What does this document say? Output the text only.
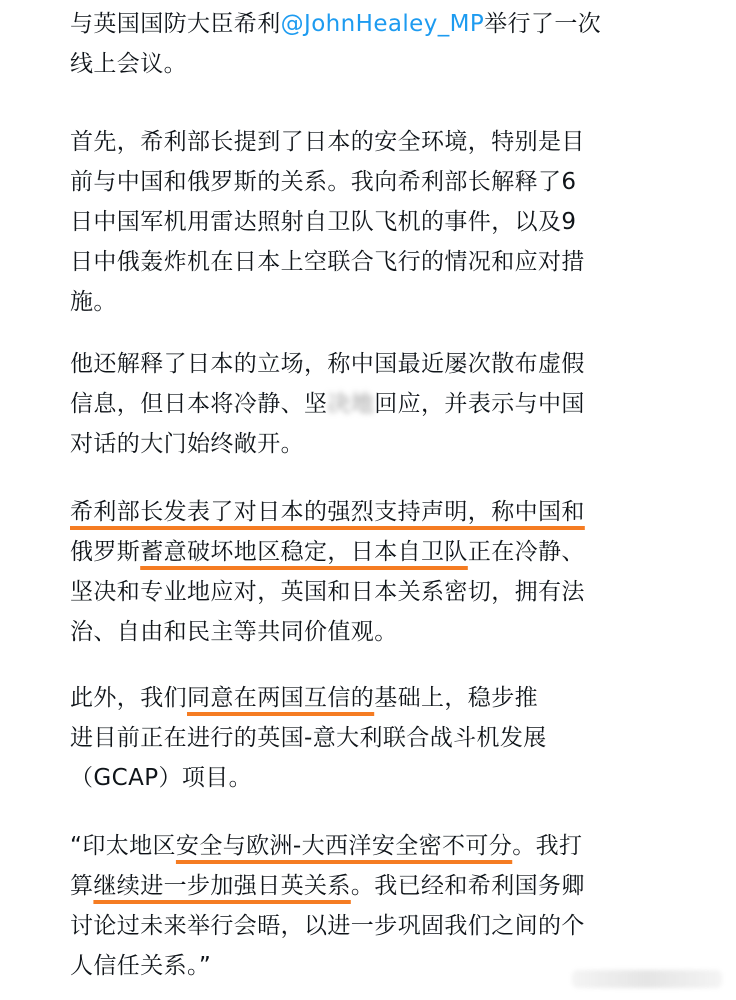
与英国国防大臣希利@JohnHealey_MP举行了一次
线上会议。

首先，希利部长提到了日本的安全环境，特别是目
前与中国和俄罗斯的关系。我向希利部长解释了6
日中国军机用雷达照射自卫队飞机的事件，以及9
日中俄轰炸机在日本上空联合飞行的情况和应对措
施。

他还解释了日本的立场，称中国最近屡次散布虚假
信息，但日本将冷静、坚决地回应，并表示与中国
对话的大门始终敞开。

希利部长发表了对日本的强烈支持声明，称中国和
俄罗斯蓄意破坏地区稳定，日本自卫队正在冷静、
坚决和专业地应对，英国和日本关系密切，拥有法
治、自由和民主等共同价值观。

此外，我们同意在两国互信的基础上，稳步推
进目前正在进行的英国-意大利联合战斗机发展
（GCAP）项目。

“印太地区安全与欧洲-大西洋安全密不可分。我打
算继续进一步加强日英关系。我已经和希利国务卿
讨论过未来举行会晤，以进一步巩固我们之间的个
人信任关系。”
